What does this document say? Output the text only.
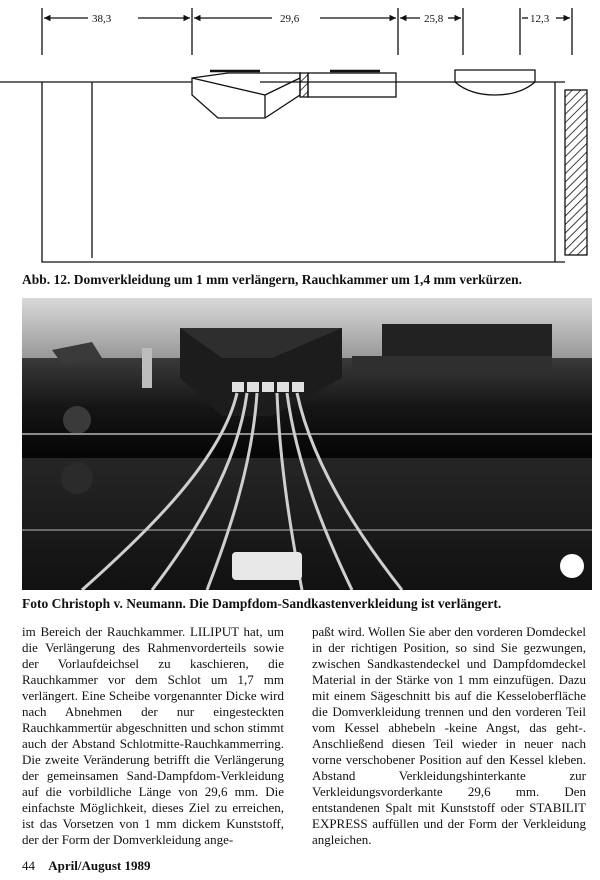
38,3	29,6	25,8	12,3
Abb. 12. Domverkleidung um 1 mm verlängern, Rauchkammer um 1,4 mm verkürzen.
Foto Christoph v. Neumann. Die Dampfdom-Sandkastenverkleidung ist verlängert.

im Bereich der Rauchkammer. LILIPUT hat, um die Verlängerung des Rahmenvorderteils sowie der Vorlaufdeichsel zu kaschieren, die Rauchkammer vor dem Schlot um 1,7 mm verlängert. Eine Scheibe vorgenannter Dicke wird nach Abnehmen der nur eingesteckten Rauchkammertür abgeschnitten und schon stimmt auch der Abstand Schlotmitte-Rauchkammerring. Die zweite Veränderung betrifft die Verlängerung der gemeinsamen Sand-Dampfdom-Verkleidung auf die vorbildliche Länge von 29,6 mm. Die einfachste Möglichkeit, dieses Ziel zu erreichen, ist das Vorsetzen von 1 mm dickem Kunststoff, der der Form der Domverkleidung ange-

paßt wird. Wollen Sie aber den vorderen Domdeckel in der richtigen Position, so sind Sie gezwungen, zwischen Sandkastendeckel und Dampfdomdeckel Material in der Stärke von 1 mm einzufügen. Dazu mit einem Sägeschnitt bis auf die Kesseloberfläche die Domverkleidung trennen und den vorderen Teil vom Kessel abhebeln -keine Angst, das geht-. Anschließend diesen Teil wieder in neuer nach vorne verschobener Position auf den Kessel kleben. Abstand Verkleidungshinterkante zur Verkleidungsvorderkante 29,6 mm. Den entstandenen Spalt mit Kunststoff oder STABILIT EXPRESS auffüllen und der Form der Verkleidung angleichen.

44 April/August 1989
